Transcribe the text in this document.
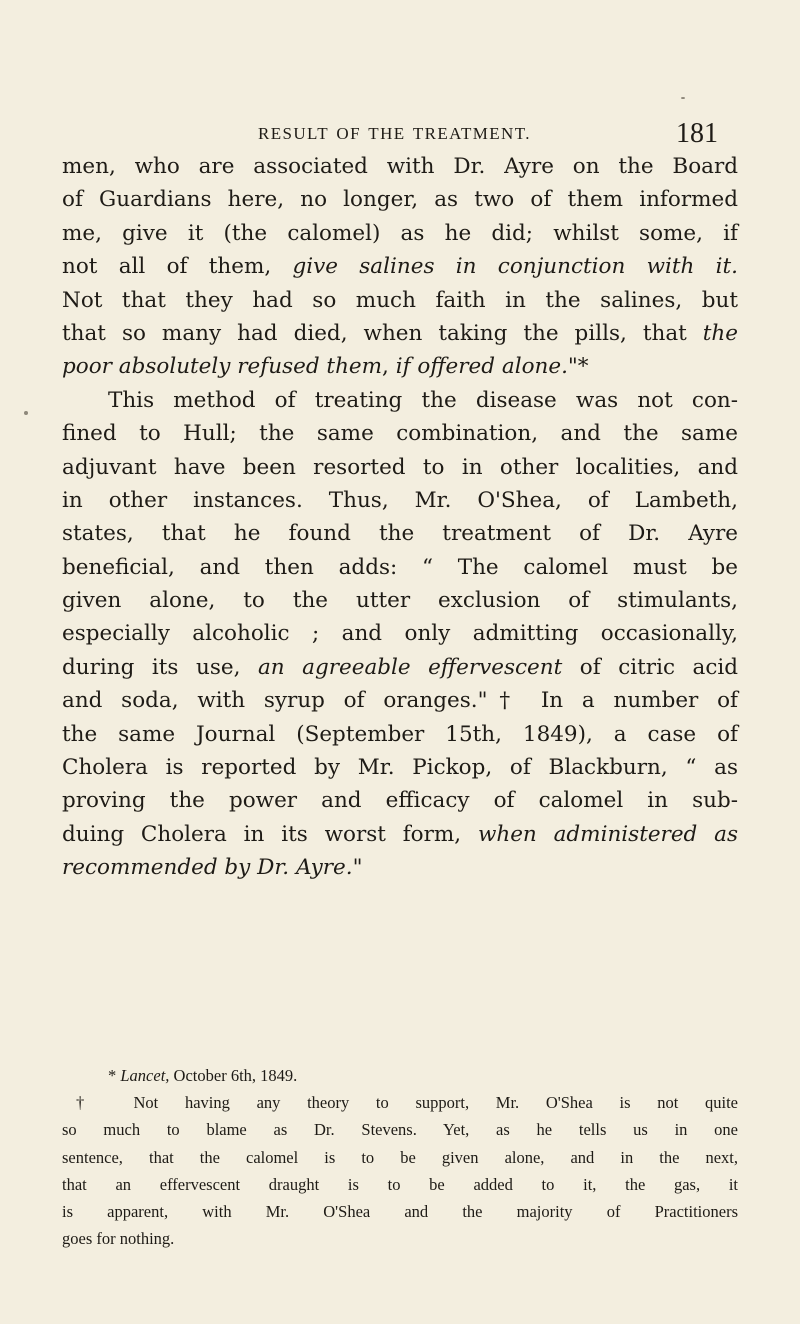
RESULT OF THE TREATMENT.	181
men, who are associated with Dr. Ayre on the Board
of Guardians here, no longer, as two of them informed
me, give it (the calomel) as he did; whilst some, if
not all of them, give salines in conjunction with it.
Not that they had so much faith in the salines, but
that so many had died, when taking the pills, that the
poor absolutely refused them, if offered alone."*
This method of treating the disease was not con-
fined to Hull; the same combination, and the same
adjuvant have been resorted to in other localities, and
in other instances. Thus, Mr. O'Shea, of Lambeth,
states, that he found the treatment of Dr. Ayre
beneficial, and then adds: “ The calomel must be
given alone, to the utter exclusion of stimulants,
especially alcoholic ; and only admitting occasionally,
during its use, an agreeable effervescent of citric acid
and soda, with syrup of oranges."† In a number of
the same Journal (September 15th, 1849), a case of
Cholera is reported by Mr. Pickop, of Blackburn, “ as
proving the power and efficacy of calomel in sub-
duing Cholera in its worst form, when administered as
recommended by Dr. Ayre."
* Lancet, October 6th, 1849.
† Not having any theory to support, Mr. O'Shea is not quite
so much to blame as Dr. Stevens. Yet, as he tells us in one
sentence, that the calomel is to be given alone, and in the next,
that an effervescent draught is to be added to it, the gas, it
is apparent, with Mr. O'Shea and the majority of Practitioners
goes for nothing.
